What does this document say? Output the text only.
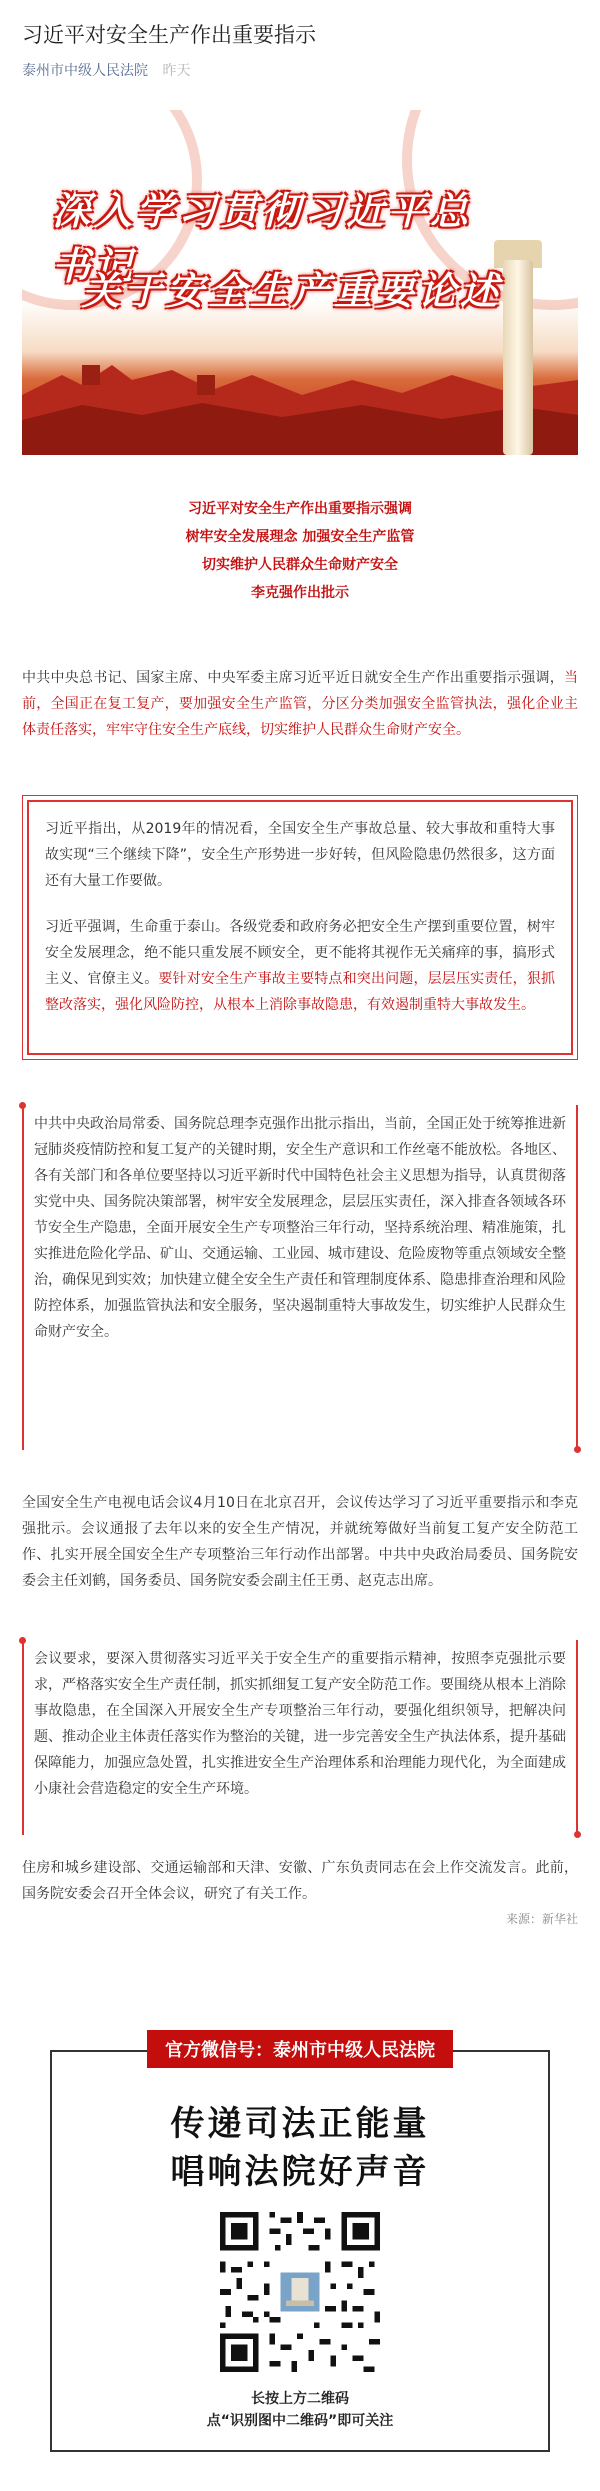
习近平对安全生产作出重要指示
泰州市中级人民法院 昨天
深入学习贯彻习近平总书记
关于安全生产重要论述
习近平对安全生产作出重要指示强调
树牢安全发展理念 加强安全生产监管
切实维护人民群众生命财产安全
李克强作出批示
中共中央总书记、国家主席、中央军委主席习近平近日就安全生产作出重要指示强调，当前，全国正在复工复产，要加强安全生产监管，分区分类加强安全监管执法，强化企业主体责任落实，牢牢守住安全生产底线，切实维护人民群众生命财产安全。

习近平指出，从2019年的情况看，全国安全生产事故总量、较大事故和重特大事故实现“三个继续下降”，安全生产形势进一步好转，但风险隐患仍然很多，这方面还有大量工作要做。

习近平强调，生命重于泰山。各级党委和政府务必把安全生产摆到重要位置，树牢安全发展理念，绝不能只重发展不顾安全，更不能将其视作无关痛痒的事，搞形式主义、官僚主义。要针对安全生产事故主要特点和突出问题，层层压实责任，狠抓整改落实，强化风险防控，从根本上消除事故隐患，有效遏制重特大事故发生。

中共中央政治局常委、国务院总理李克强作出批示指出，当前，全国正处于统筹推进新冠肺炎疫情防控和复工复产的关键时期，安全生产意识和工作丝毫不能放松。各地区、各有关部门和各单位要坚持以习近平新时代中国特色社会主义思想为指导，认真贯彻落实党中央、国务院决策部署，树牢安全发展理念，层层压实责任，深入排查各领域各环节安全生产隐患，全面开展安全生产专项整治三年行动，坚持系统治理、精准施策，扎实推进危险化学品、矿山、交通运输、工业园、城市建设、危险废物等重点领域安全整治，确保见到实效；加快建立健全安全生产责任和管理制度体系、隐患排查治理和风险防控体系，加强监管执法和安全服务，坚决遏制重特大事故发生，切实维护人民群众生命财产安全。

全国安全生产电视电话会议4月10日在北京召开，会议传达学习了习近平重要指示和李克强批示。会议通报了去年以来的安全生产情况，并就统筹做好当前复工复产安全防范工作、扎实开展全国安全生产专项整治三年行动作出部署。中共中央政治局委员、国务院安委会主任刘鹤，国务委员、国务院安委会副主任王勇、赵克志出席。

会议要求，要深入贯彻落实习近平关于安全生产的重要指示精神，按照李克强批示要求，严格落实安全生产责任制，抓实抓细复工复产安全防范工作。要围绕从根本上消除事故隐患，在全国深入开展安全生产专项整治三年行动，要强化组织领导，把解决问题、推动企业主体责任落实作为整治的关键，进一步完善安全生产执法体系，提升基础保障能力，加强应急处置，扎实推进安全生产治理体系和治理能力现代化，为全面建成小康社会营造稳定的安全生产环境。

住房和城乡建设部、交通运输部和天津、安徽、广东负责同志在会上作交流发言。此前，国务院安委会召开全体会议，研究了有关工作。
来源：新华社
官方微信号：泰州市中级人民法院
传递司法正能量
唱响法院好声音
长按上方二维码
点“识别图中二维码”即可关注
